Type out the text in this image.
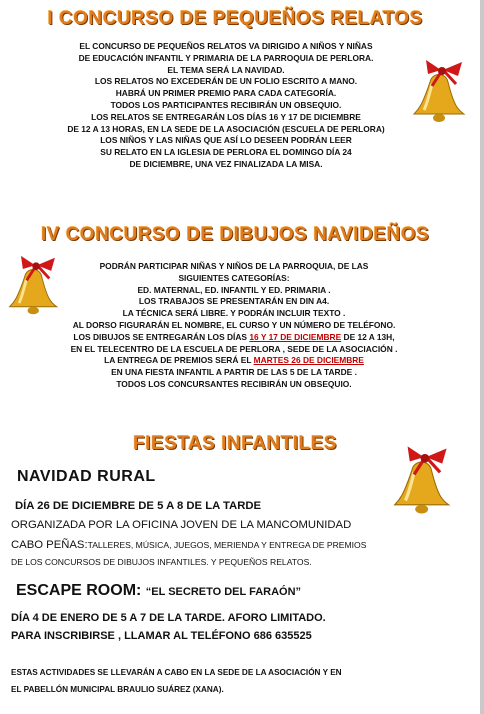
I CONCURSO DE PEQUEÑOS RELATOS
EL CONCURSO DE PEQUEÑOS RELATOS VA DIRIGIDO A NIÑOS Y NIÑAS
DE EDUCACIÓN INFANTIL Y PRIMARIA DE LA PARROQUIA DE PERLORA.
EL TEMA SERÁ LA NAVIDAD.
LOS RELATOS NO EXCEDERÁN DE UN FOLIO ESCRITO A MANO.
HABRÁ UN PRIMER PREMIO PARA CADA CATEGORÍA.
TODOS LOS PARTICIPANTES RECIBIRÁN UN OBSEQUIO.
LOS RELATOS SE ENTREGARÁN LOS DÍAS 16 Y 17 DE DICIEMBRE
DE 12 A 13 HORAS, EN LA SEDE DE LA ASOCIACIÓN (ESCUELA DE PERLORA)
LOS NIÑOS Y LAS NIÑAS QUE ASÍ LO DESEEN PODRÁN LEER
SU RELATO EN LA IGLESIA DE PERLORA EL DOMINGO DÍA 24
DE DICIEMBRE, UNA VEZ FINALIZADA LA MISA.
IV CONCURSO DE DIBUJOS NAVIDEÑOS
PODRÁN PARTICIPAR NIÑAS Y NIÑOS DE LA PARROQUIA, DE LAS
SIGUIENTES CATEGORÍAS:
ED. MATERNAL, ED. INFANTIL Y ED. PRIMARIA .
LOS TRABAJOS SE PRESENTARÁN EN DIN A4.
LA TÉCNICA SERÁ LIBRE. Y PODRÁN INCLUIR TEXTO .
AL DORSO FIGURARÁN EL NOMBRE, EL CURSO Y UN NÚMERO DE TELÉFONO.
LOS DIBUJOS SE ENTREGARÁN LOS DÍAS 16 Y 17 DE DICIEMBRE DE 12 A 13H,
EN EL TELECENTRO DE LA ESCUELA DE PERLORA , SEDE DE LA ASOCIACIÓN .
LA ENTREGA DE PREMIOS SERÁ EL MARTES 26 DE DICIEMBRE
EN UNA FIESTA INFANTIL A PARTIR DE LAS 5 DE LA TARDE .
TODOS LOS CONCURSANTES RECIBIRÁN UN OBSEQUIO.
FIESTAS INFANTILES
NAVIDAD RURAL
DÍA 26 DE DICIEMBRE DE 5 A 8 DE LA TARDE
ORGANIZADA POR LA OFICINA JOVEN DE LA MANCOMUNIDAD
CABO PEÑAS:TALLERES, MÚSICA, JUEGOS, MERIENDA Y ENTREGA DE PREMIOS
DE LOS CONCURSOS DE DIBUJOS INFANTILES. Y PEQUEÑOS RELATOS.
ESCAPE ROOM: “EL SECRETO DEL FARAÓN”
DÍA 4 DE ENERO DE 5 A 7 DE LA TARDE. AFORO LIMITADO.
PARA INSCRIBIRSE , LLAMAR AL TELÉFONO 686 635525
ESTAS ACTIVIDADES SE LLEVARÁN A CABO EN LA SEDE DE LA ASOCIACIÓN Y EN
EL PABELLÓN MUNICIPAL BRAULIO SUÁREZ (XANA).
